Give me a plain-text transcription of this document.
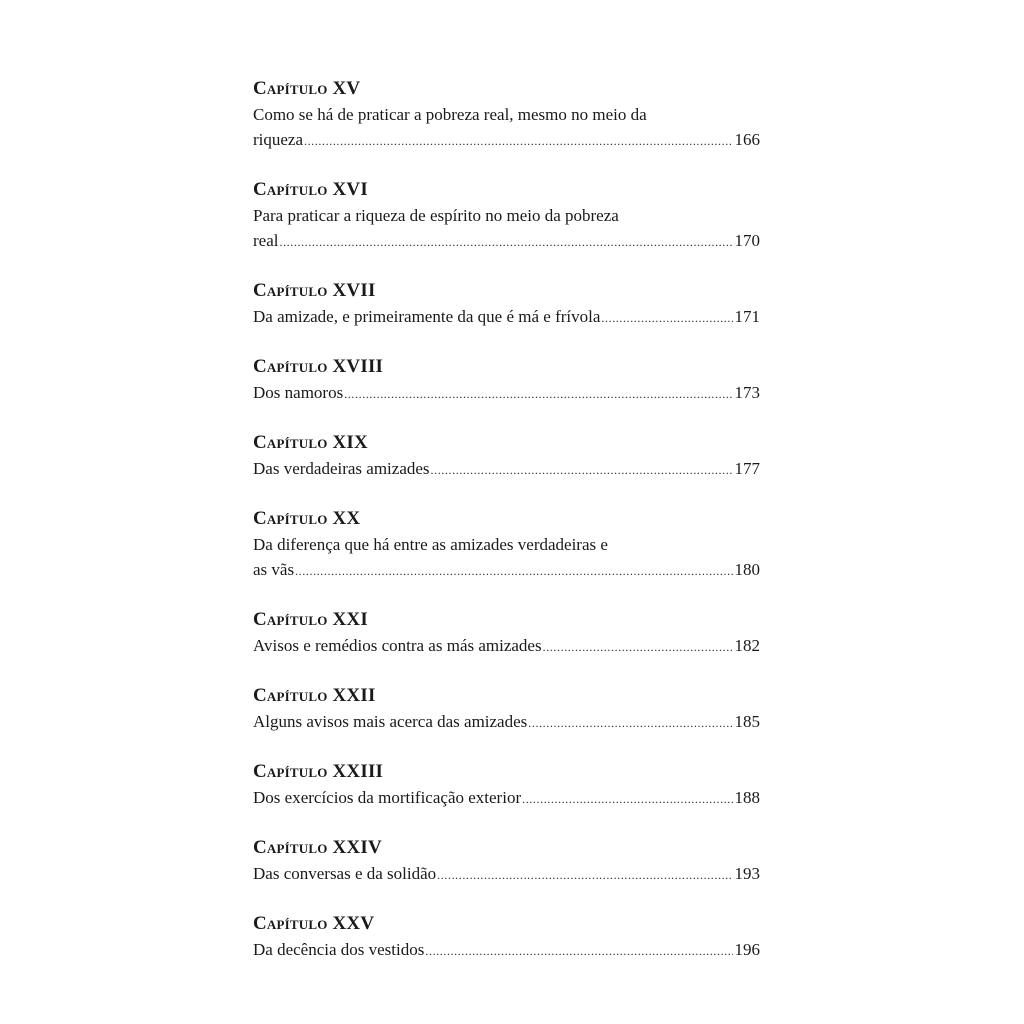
Capítulo XV
Como se há de praticar a pobreza real, mesmo no meio da
riqueza .....	166
Capítulo XVI
Para praticar a riqueza de espírito no meio da pobreza
real .....	170
Capítulo XVII
Da amizade, e primeiramente da que é má e frívola .....	171
Capítulo XVIII
Dos namoros .....	173
Capítulo XIX
Das verdadeiras amizades .....	177
Capítulo XX
Da diferença que há entre as amizades verdadeiras e
as vãs .....	180
Capítulo XXI
Avisos e remédios contra as más amizades .....	182
Capítulo XXII
Alguns avisos mais acerca das amizades .....	185
Capítulo XXIII
Dos exercícios da mortificação exterior .....	188
Capítulo XXIV
Das conversas e da solidão .....	193
Capítulo XXV
Da decência dos vestidos .....	196
